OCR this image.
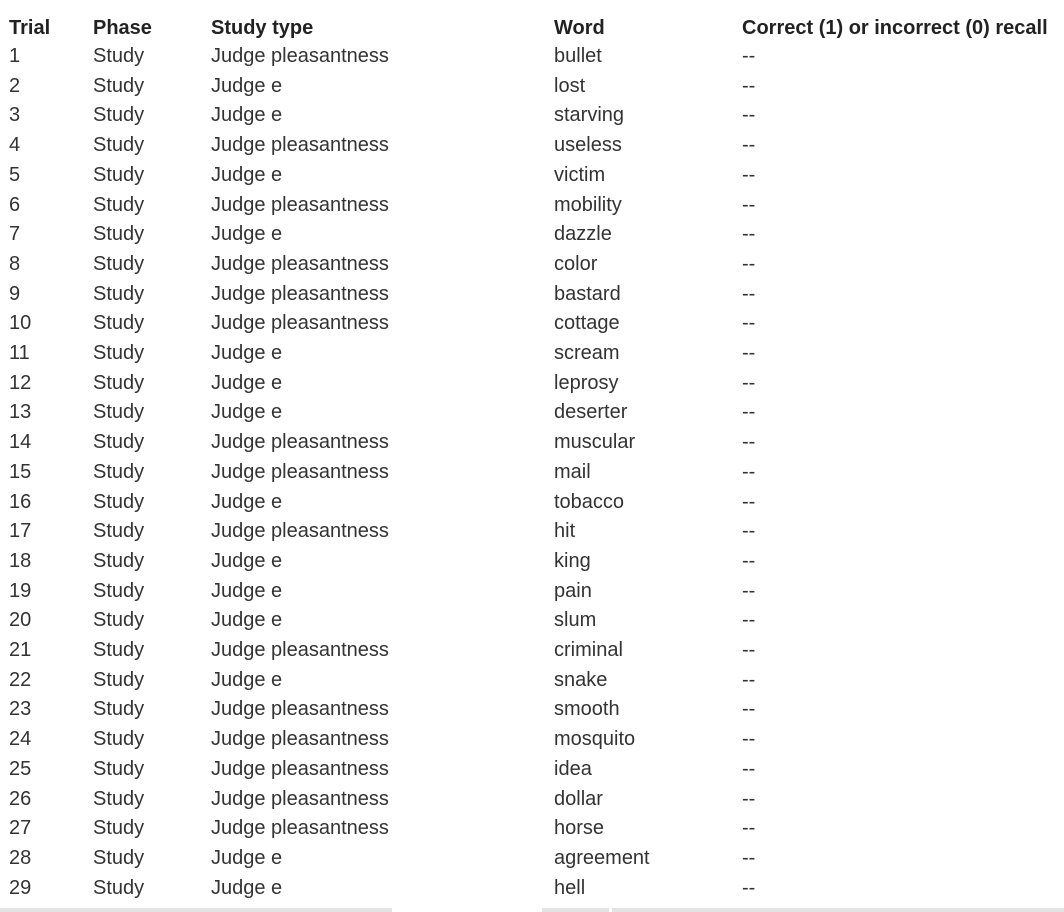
Trial	Phase	Study type	Word	Correct (1) or incorrect (0) recall
1	Study	Judge pleasantness	bullet	--
2	Study	Judge e	lost	--
3	Study	Judge e	starving	--
4	Study	Judge pleasantness	useless	--
5	Study	Judge e	victim	--
6	Study	Judge pleasantness	mobility	--
7	Study	Judge e	dazzle	--
8	Study	Judge pleasantness	color	--
9	Study	Judge pleasantness	bastard	--
10	Study	Judge pleasantness	cottage	--
11	Study	Judge e	scream	--
12	Study	Judge e	leprosy	--
13	Study	Judge e	deserter	--
14	Study	Judge pleasantness	muscular	--
15	Study	Judge pleasantness	mail	--
16	Study	Judge e	tobacco	--
17	Study	Judge pleasantness	hit	--
18	Study	Judge e	king	--
19	Study	Judge e	pain	--
20	Study	Judge e	slum	--
21	Study	Judge pleasantness	criminal	--
22	Study	Judge e	snake	--
23	Study	Judge pleasantness	smooth	--
24	Study	Judge pleasantness	mosquito	--
25	Study	Judge pleasantness	idea	--
26	Study	Judge pleasantness	dollar	--
27	Study	Judge pleasantness	horse	--
28	Study	Judge e	agreement	--
29	Study	Judge e	hell	--
